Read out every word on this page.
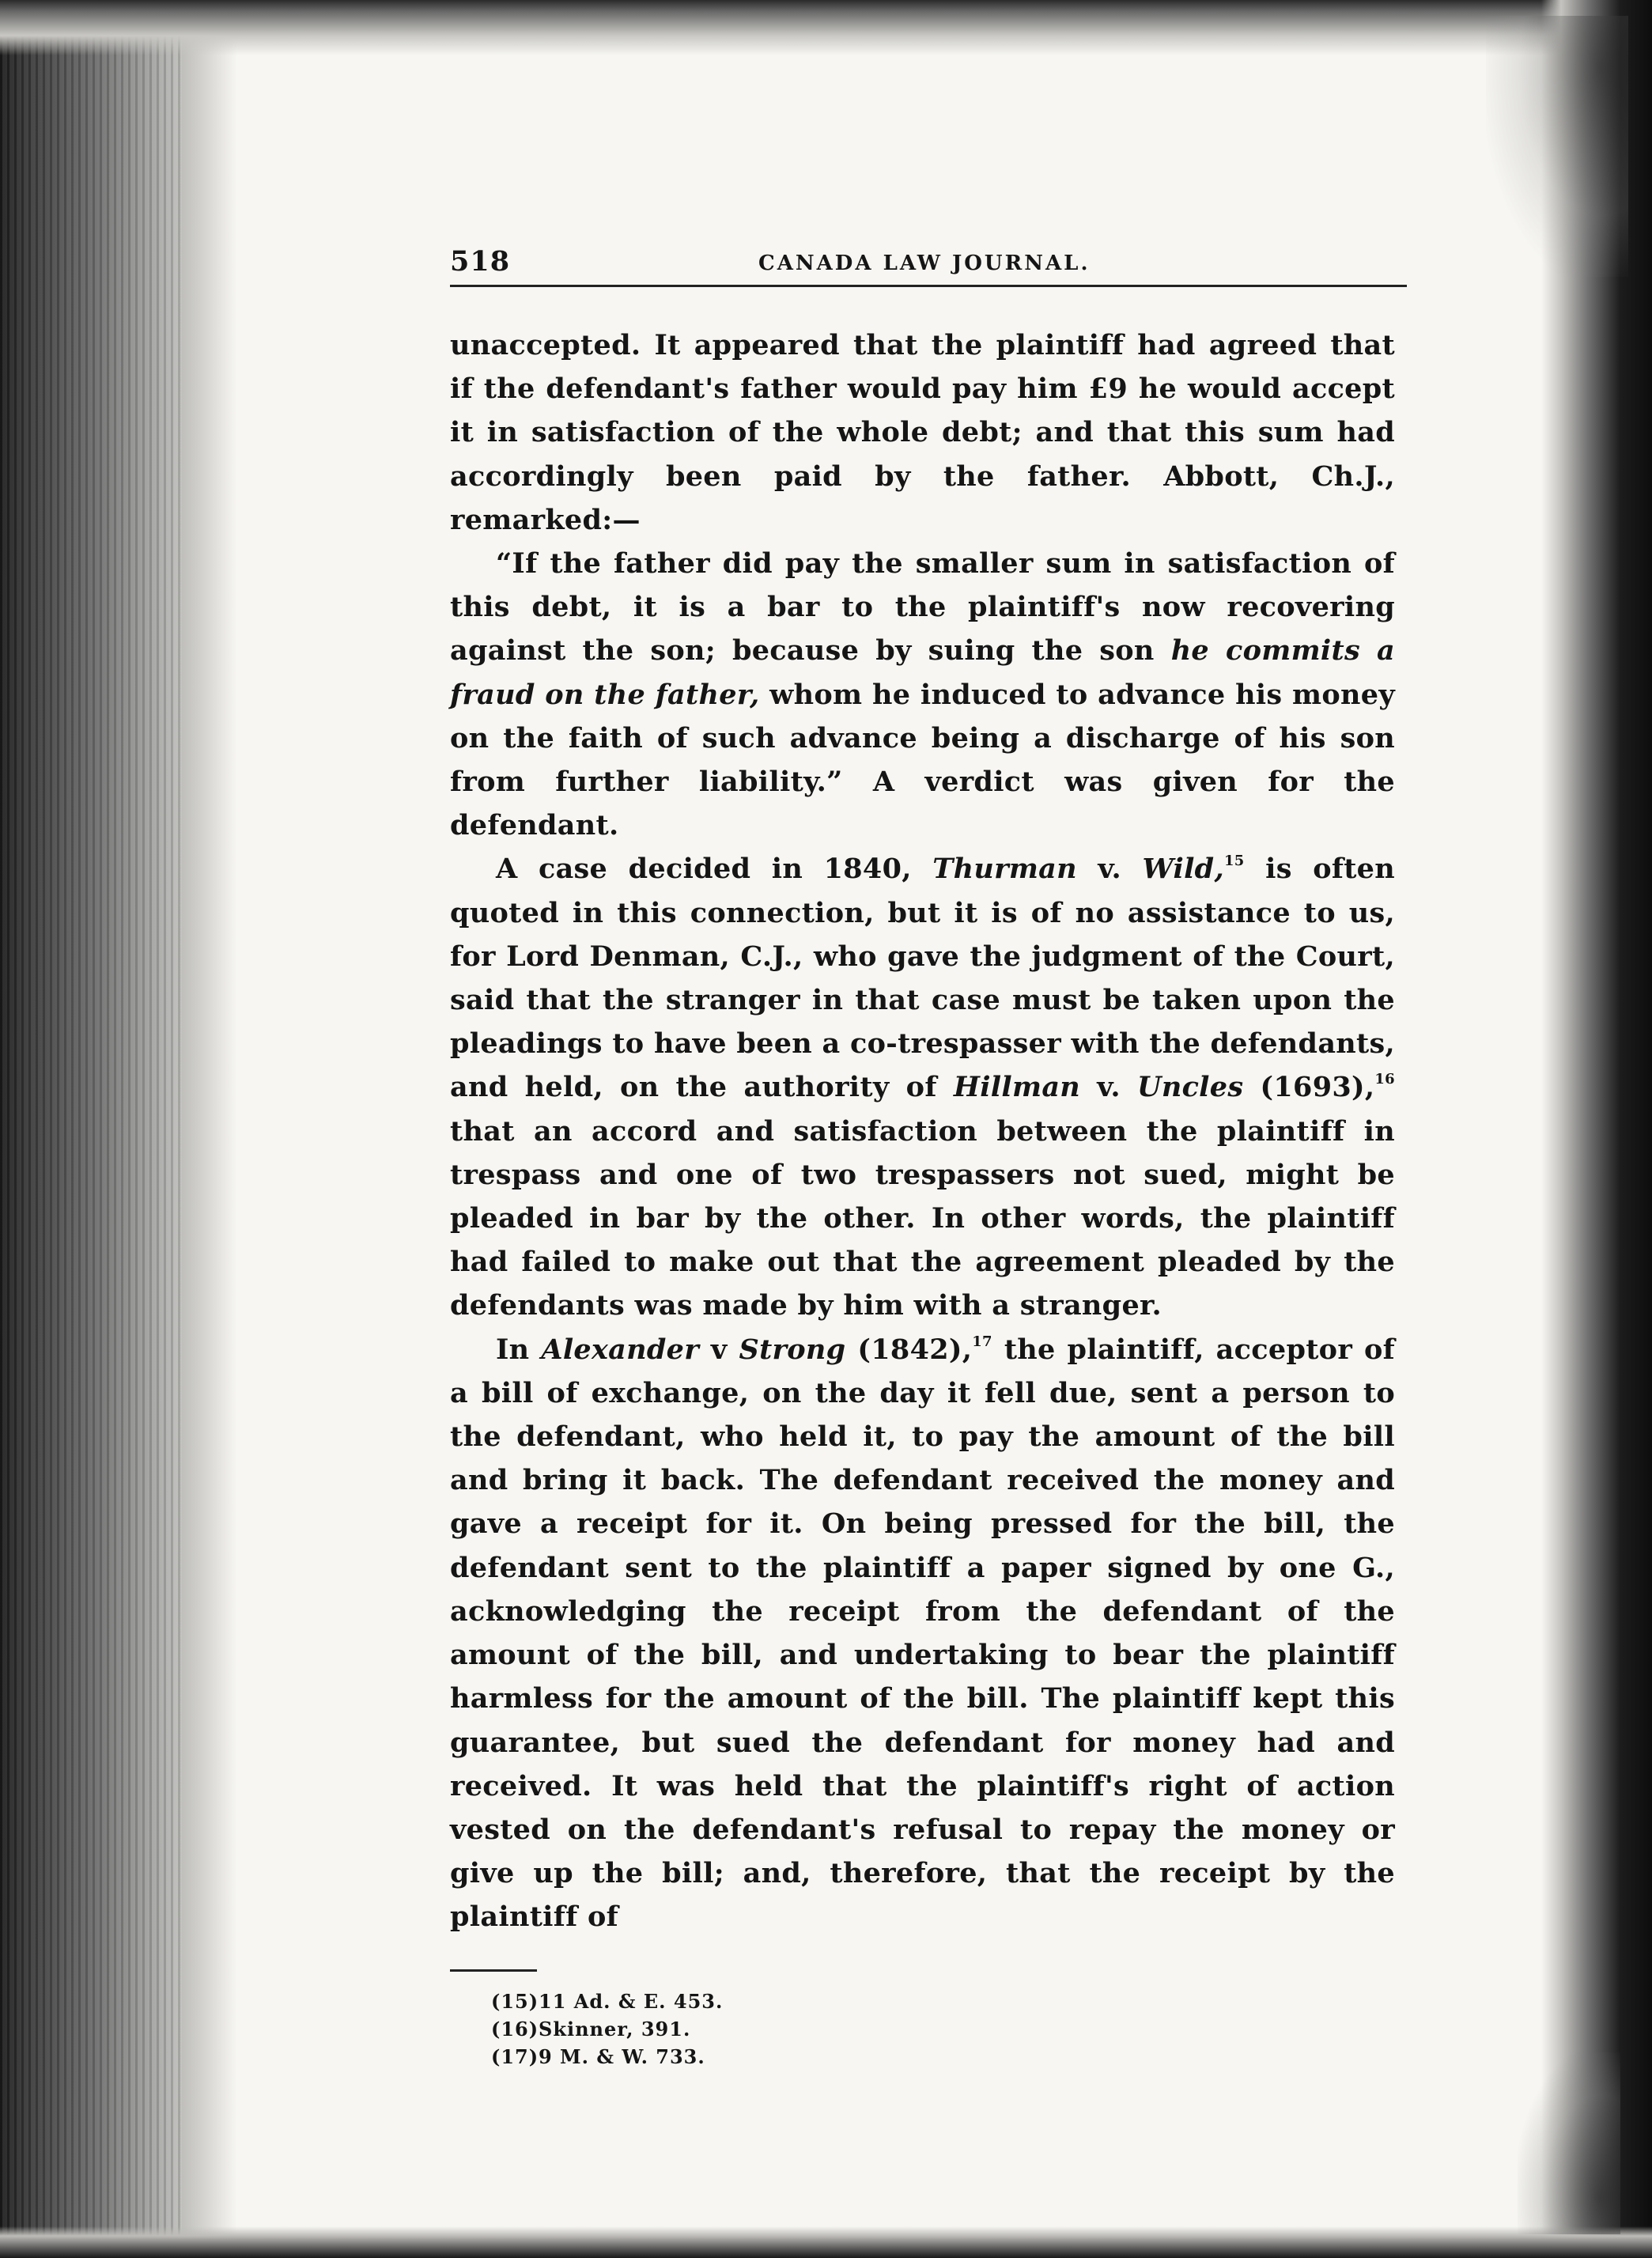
518	CANADA LAW JOURNAL.

unaccepted. It appeared that the plaintiff had agreed that if the defendant's father would pay him £9 he would accept it in satisfaction of the whole debt; and that this sum had accordingly been paid by the father. Abbott, Ch.J., remarked:—

“If the father did pay the smaller sum in satisfaction of this debt, it is a bar to the plaintiff's now recovering against the son; because by suing the son he commits a fraud on the father, whom he induced to advance his money on the faith of such advance being a discharge of his son from further liability.” A verdict was given for the defendant.

A case decided in 1840, Thurman v. Wild,$^{15}$ is often quoted in this connection, but it is of no assistance to us, for Lord Denman, C.J., who gave the judgment of the Court, said that the stranger in that case must be taken upon the pleadings to have been a co-trespasser with the defendants, and held, on the authority of Hillman v. Uncles (1693),$^{16}$ that an accord and satisfaction between the plaintiff in trespass and one of two trespassers not sued, might be pleaded in bar by the other. In other words, the plaintiff had failed to make out that the agreement pleaded by the defendants was made by him with a stranger.

In Alexander v Strong (1842),$^{17}$ the plaintiff, acceptor of a bill of exchange, on the day it fell due, sent a person to the defendant, who held it, to pay the amount of the bill and bring it back. The defendant received the money and gave a receipt for it. On being pressed for the bill, the defendant sent to the plaintiff a paper signed by one G., acknowledging the receipt from the defendant of the amount of the bill, and undertaking to bear the plaintiff harmless for the amount of the bill. The plaintiff kept this guarantee, but sued the defendant for money had and received. It was held that the plaintiff's right of action vested on the defendant's refusal to repay the money or give up the bill; and, therefore, that the receipt by the plaintiff of

(15)11 Ad. & E. 453.
(16)Skinner, 391.
(17)9 M. & W. 733.
